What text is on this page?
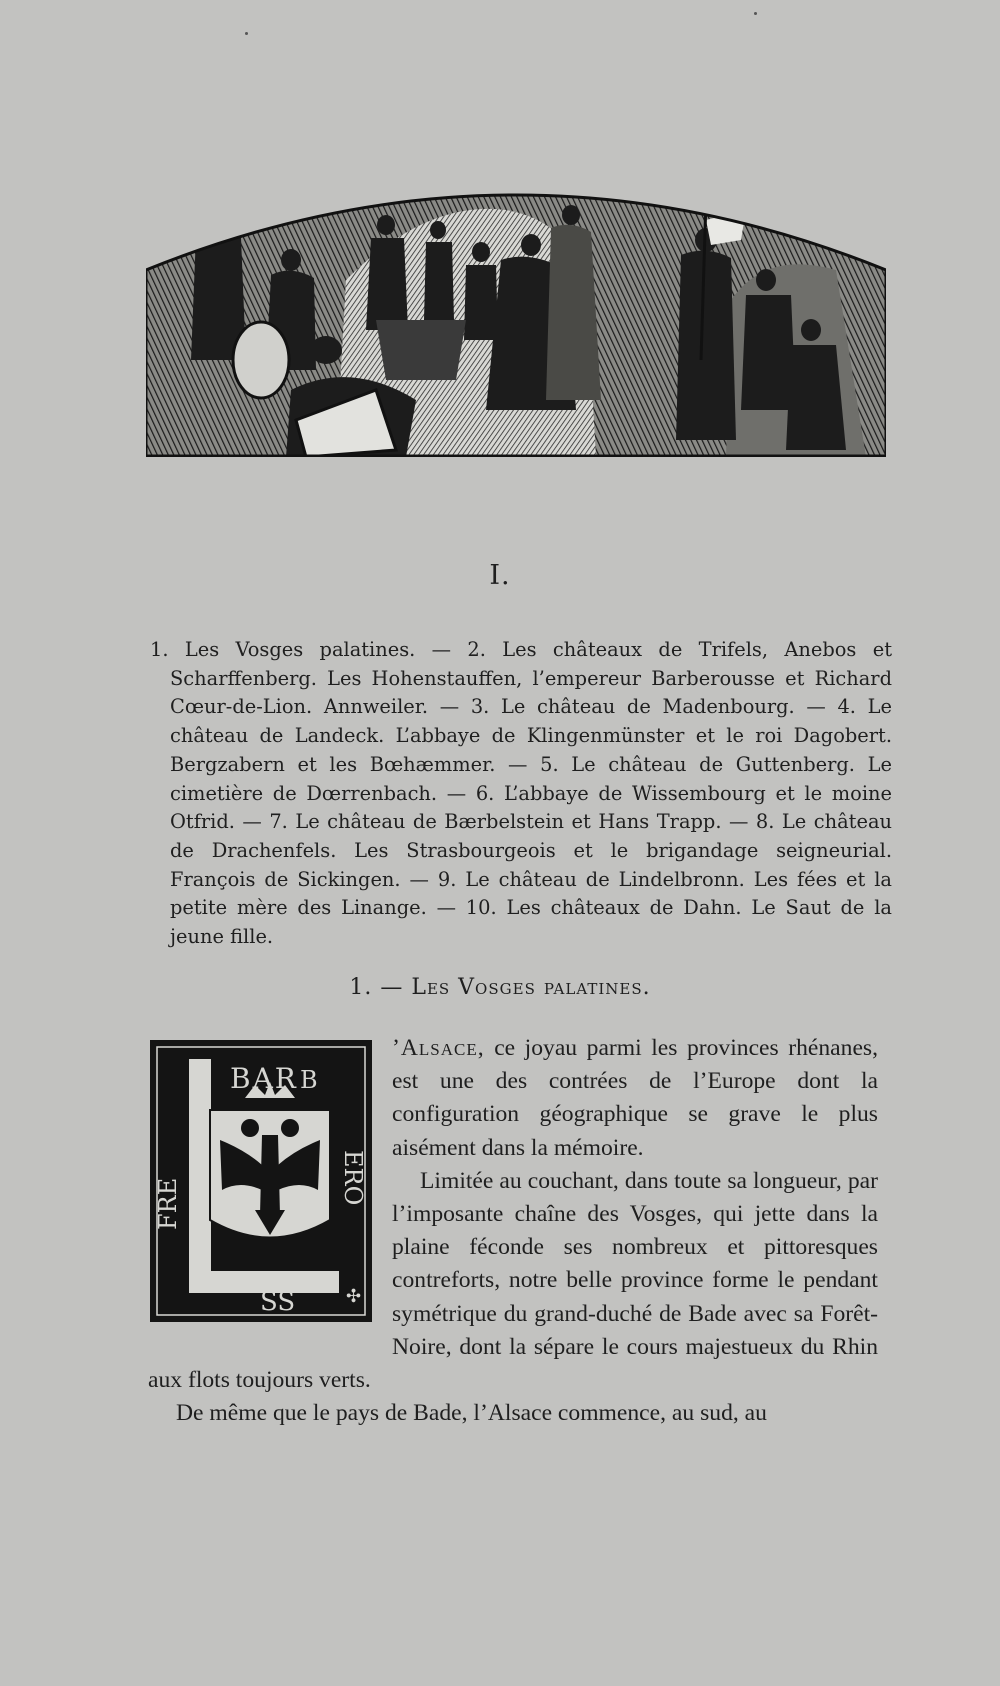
I.

1. Les Vosges palatines. — 2. Les châteaux de Trifels, Anebos et Scharffenberg. Les Hohenstauffen, l’empereur Barberousse et Richard Cœur-de-Lion. Annweiler. — 3. Le château de Madenbourg. — 4. Le château de Landeck. L’abbaye de Klingenmünster et le roi Dagobert. Bergzabern et les Bœhæmmer. — 5. Le château de Guttenberg. Le cimetière de Dœrrenbach. — 6. L’abbaye de Wissembourg et le moine Otfrid. — 7. Le château de Bærbelstein et Hans Trapp. — 8. Le château de Drachenfels. Les Strasbourgeois et le brigandage seigneurial. François de Sickingen. — 9. Le château de Lindelbronn. Les fées et la petite mère des Linange. — 10. Les châteaux de Dahn. Le Saut de la jeune fille.

1. — Les Vosges palatines.
BAR B
ERO
FRE
SS	✣

’Alsace, ce joyau parmi les provinces rhénanes, est une des contrées de l’Europe dont la configuration géographique se grave le plus aisément dans la mémoire.

Limitée au couchant, dans toute sa longueur, par l’imposante chaîne des Vosges, qui jette dans la plaine féconde ses nombreux et pittoresques contreforts, notre belle province forme le pendant symétrique du grand-duché de Bade avec sa Forêt-Noire, dont la sépare le cours majestueux du Rhin aux flots toujours verts.

De même que le pays de Bade, l’Alsace commence, au sud, au
